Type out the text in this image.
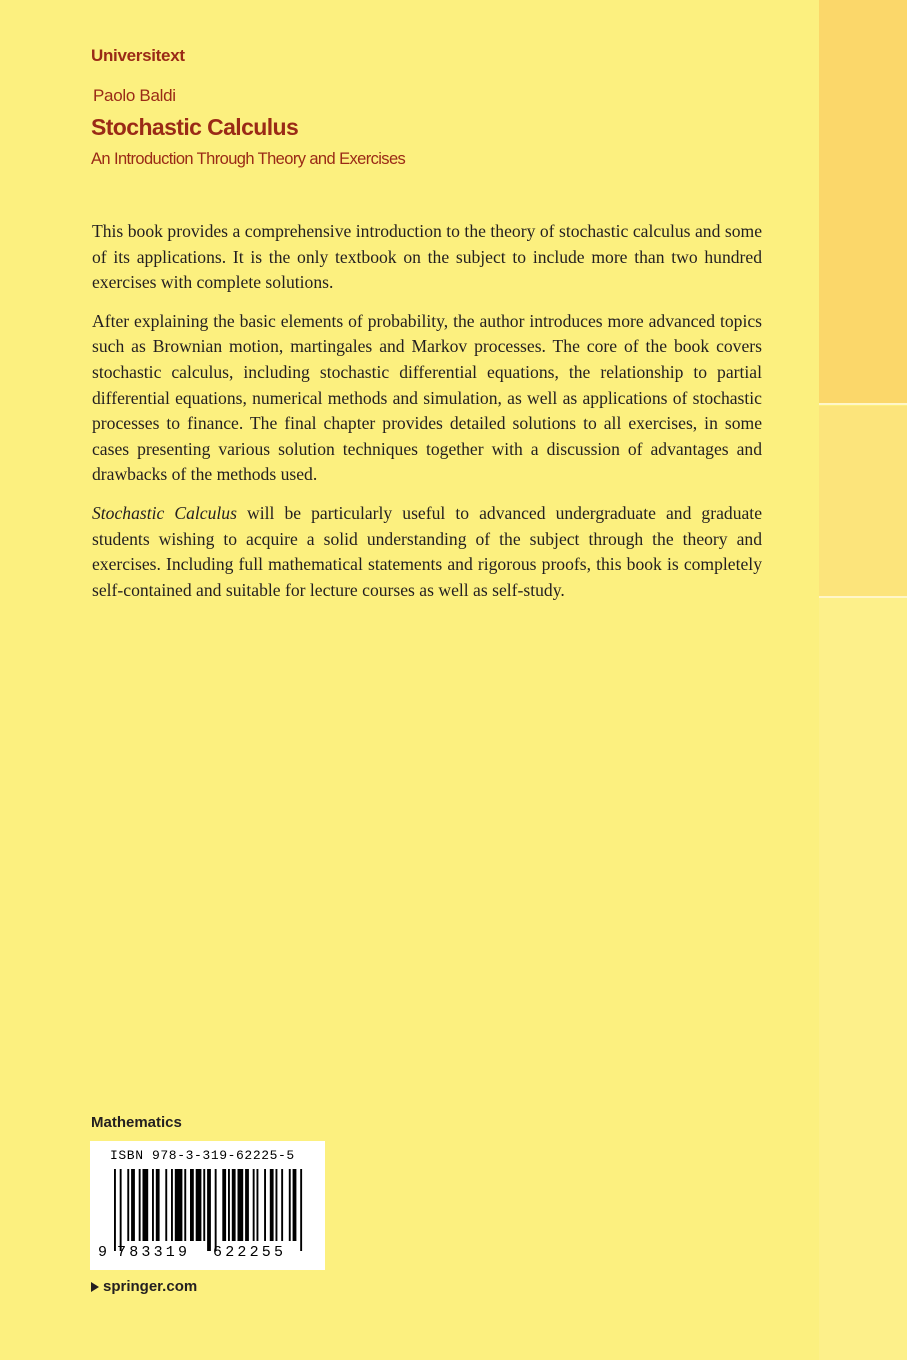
Universitext
Paolo Baldi
Stochastic Calculus
An Introduction Through Theory and Exercises

This book provides a comprehensive introduction to the theory of stochastic calculus and some of its applications. It is the only textbook on the subject to include more than two hundred exercises with complete solutions.

After explaining the basic elements of probability, the author introduces more advanced topics such as Brownian motion, martingales and Markov processes. The core of the book covers stochastic calculus, including stochastic differential equations, the relationship to partial differential equations, numerical methods and simulation, as well as applications of stochastic processes to finance. The final chapter provides detailed solutions to all exercises, in some cases presenting various solution techniques together with a discussion of advantages and drawbacks of the methods used.

Stochastic Calculus will be particularly useful to advanced undergraduate and graduate students wishing to acquire a solid understanding of the subject through the theory and exercises. Including full mathematical statements and rigorous proofs, this book is completely self-contained and suitable for lecture courses as well as self-study.

Mathematics
ISBN 978-3-319-62225-5
9 783319 622255
springer.com
